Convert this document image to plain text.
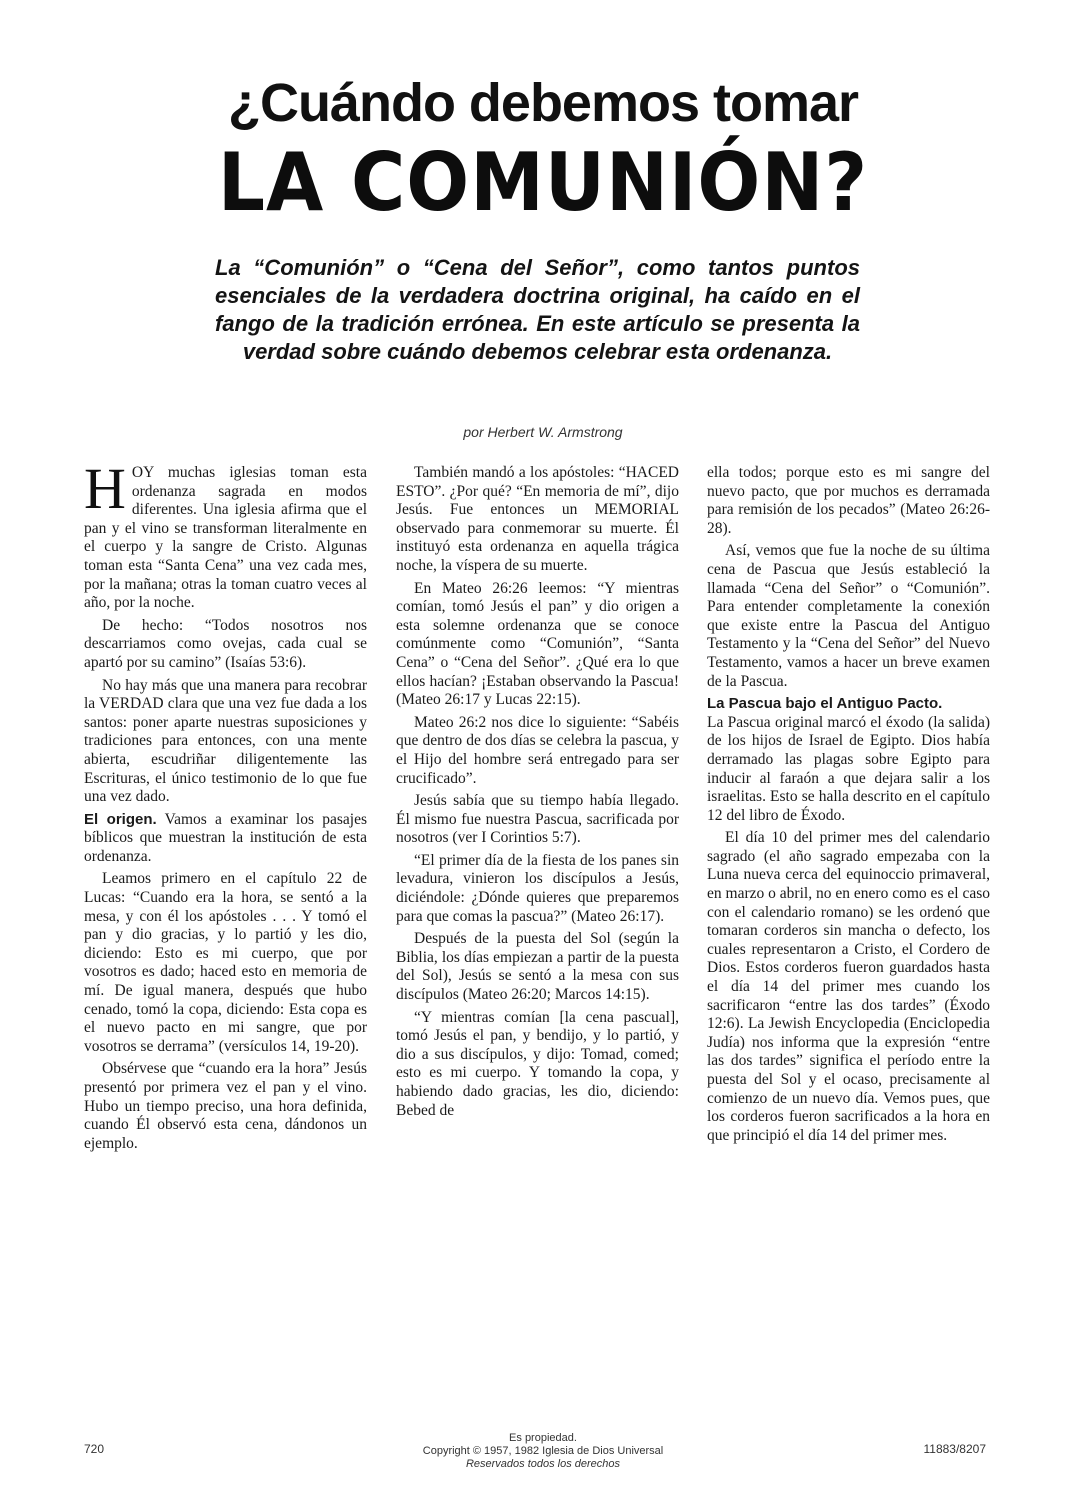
¿Cuándo debemos tomar
LA COMUNIÓN?
La “Comunión” o “Cena del Señor”, como tantos puntos esenciales de la verdadera doctrina original, ha caído en el fango de la tradición errónea. En este artículo se presenta la verdad sobre cuándo debemos celebrar esta ordenanza.
por Herbert W. Armstrong

HOY muchas iglesias toman esta ordenanza sagrada en modos diferentes. Una iglesia afirma que el pan y el vino se transforman literalmente en el cuerpo y la sangre de Cristo. Algunas toman esta “Santa Cena” una vez cada mes, por la mañana; otras la toman cuatro veces al año, por la noche.

De hecho: “Todos nosotros nos descarriamos como ovejas, cada cual se apartó por su camino” (Isaías 53:6).

No hay más que una manera para recobrar la VERDAD clara que una vez fue dada a los santos: poner aparte nuestras suposiciones y tradiciones para entonces, con una mente abierta, escudriñar diligentemente las Escrituras, el único testimonio de lo que fue una vez dado.

El origen. Vamos a examinar los pasajes bíblicos que muestran la institución de esta ordenanza.

Leamos primero en el capítulo 22 de Lucas: “Cuando era la hora, se sentó a la mesa, y con él los apóstoles . . . Y tomó el pan y dio gracias, y lo partió y les dio, diciendo: Esto es mi cuerpo, que por vosotros es dado; haced esto en memoria de mí. De igual manera, después que hubo cenado, tomó la copa, diciendo: Esta copa es el nuevo pacto en mi sangre, que por vosotros se derrama” (versículos 14, 19-20).

Obsérvese que “cuando era la hora” Jesús presentó por primera vez el pan y el vino. Hubo un tiempo preciso, una hora definida, cuando Él observó esta cena, dándonos un ejemplo.

También mandó a los apóstoles: “HACED ESTO”. ¿Por qué? “En memoria de mí”, dijo Jesús. Fue entonces un MEMORIAL observado para conmemorar su muerte. Él instituyó esta ordenanza en aquella trágica noche, la víspera de su muerte.

En Mateo 26:26 leemos: “Y mientras comían, tomó Jesús el pan” y dio origen a esta solemne ordenanza que se conoce comúnmente como “Comunión”, “Santa Cena” o “Cena del Señor”. ¿Qué era lo que ellos hacían? ¡Estaban observando la Pascua! (Mateo 26:17 y Lucas 22:15).

Mateo 26:2 nos dice lo siguiente: “Sabéis que dentro de dos días se celebra la pascua, y el Hijo del hombre será entregado para ser crucificado”.

Jesús sabía que su tiempo había llegado. Él mismo fue nuestra Pascua, sacrificada por nosotros (ver I Corintios 5:7).

“El primer día de la fiesta de los panes sin levadura, vinieron los discípulos a Jesús, diciéndole: ¿Dónde quieres que preparemos para que comas la pascua?” (Mateo 26:17).

Después de la puesta del Sol (según la Biblia, los días empiezan a partir de la puesta del Sol), Jesús se sentó a la mesa con sus discípulos (Mateo 26:20; Marcos 14:15).

“Y mientras comían [la cena pascual], tomó Jesús el pan, y bendijo, y lo partió, y dio a sus discípulos, y dijo: Tomad, comed; esto es mi cuerpo. Y tomando la copa, y habiendo dado gracias, les dio, diciendo: Bebed de

ella todos; porque esto es mi sangre del nuevo pacto, que por muchos es derramada para remisión de los pecados” (Mateo 26:26-28).

Así, vemos que fue la noche de su última cena de Pascua que Jesús estableció la llamada “Cena del Señor” o “Comunión”. Para entender completamente la conexión que existe entre la Pascua del Antiguo Testamento y la “Cena del Señor” del Nuevo Testamento, vamos a hacer un breve examen de la Pascua.

La Pascua bajo el Antiguo Pacto.
La Pascua original marcó el éxodo (la salida) de los hijos de Israel de Egipto. Dios había derramado las plagas sobre Egipto para inducir al faraón a que dejara salir a los israelitas. Esto se halla descrito en el capítulo 12 del libro de Éxodo.

El día 10 del primer mes del calendario sagrado (el año sagrado empezaba con la Luna nueva cerca del equinoccio primaveral, en marzo o abril, no en enero como es el caso con el calendario romano) se les ordenó que tomaran corderos sin mancha o defecto, los cuales representaron a Cristo, el Cordero de Dios. Estos corderos fueron guardados hasta el día 14 del primer mes cuando los sacrificaron “entre las dos tardes” (Éxodo 12:6). La Jewish Encyclopedia (Enciclopedia Judía) nos informa que la expresión “entre las dos tardes” significa el período entre la puesta del Sol y el ocaso, precisamente al comienzo de un nuevo día. Vemos pues, que los corderos fueron sacrificados a la hora en que principió el día 14 del primer mes.

720
Es propiedad.
Copyright © 1957, 1982 Iglesia de Dios Universal
Reservados todos los derechos
11883/8207
